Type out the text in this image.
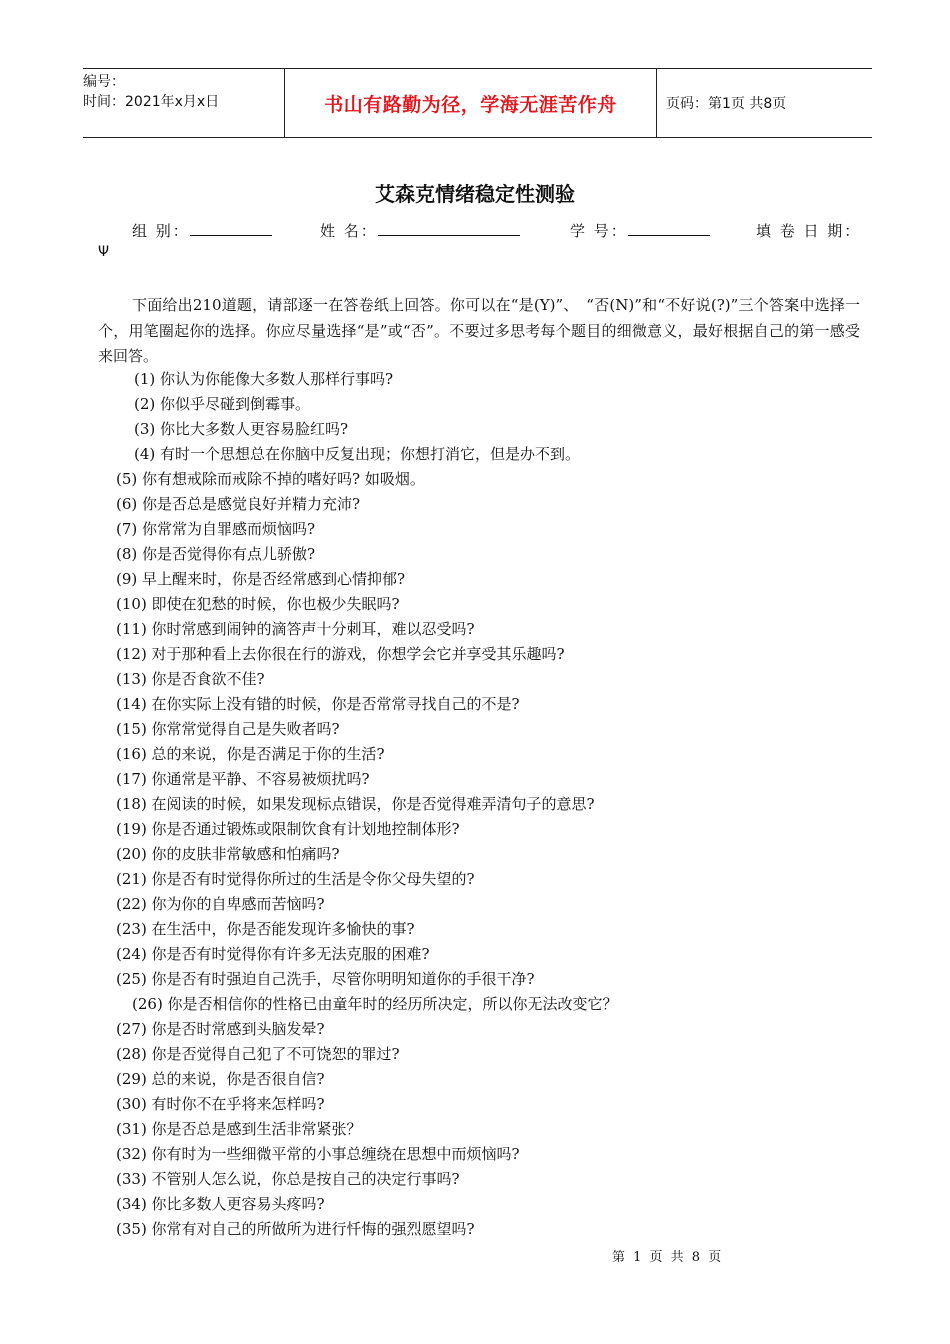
编号：
时间：2021年x月x日	书山有路勤为径，学海无涯苦作舟	页码：第1页 共8页
艾森克情绪稳定性测验
组 别：	姓 名：	学 号：	填 卷 日 期：
Ψ
下面给出210道题，请部逐一在答卷纸上回答。你可以在“是(Y)”、　“否(N)”和“不好说(?)”三个答案中选择一个，用笔圈起你的选择。你应尽量选择“是”或“否”。不要过多思考每个题目的细微意义，最好根据自己的第一感受来回答。
(1) 你认为你能像大多数人那样行事吗?
(2) 你似乎尽碰到倒霉事。
(3) 你比大多数人更容易脸红吗?
(4) 有时一个思想总在你脑中反复出现；你想打消它，但是办不到。
(5) 你有想戒除而戒除不掉的嗜好吗? 如吸烟。
(6) 你是否总是感觉良好并精力充沛?
(7) 你常常为自罪感而烦恼吗?
(8) 你是否觉得你有点儿骄傲?
(9) 早上醒来时，你是否经常感到心情抑郁?
(10) 即使在犯愁的时候，你也极少失眠吗?
(11) 你时常感到闹钟的滴答声十分刺耳，难以忍受吗?
(12) 对于那种看上去你很在行的游戏，你想学会它并享受其乐趣吗?
(13) 你是否食欲不佳?
(14) 在你实际上没有错的时候，你是否常常寻找自己的不是?
(15) 你常常觉得自己是失败者吗?
(16) 总的来说，你是否满足于你的生活?
(17) 你通常是平静、不容易被烦扰吗?
(18) 在阅读的时候，如果发现标点错误，你是否觉得难弄清句子的意思?
(19) 你是否通过锻炼或限制饮食有计划地控制体形?
(20) 你的皮肤非常敏感和怕痛吗?
(21) 你是否有时觉得你所过的生活是令你父母失望的?
(22) 你为你的自卑感而苦恼吗?
(23) 在生活中，你是否能发现许多愉快的事?
(24) 你是否有时觉得你有许多无法克服的困难?
(25) 你是否有时强迫自己洗手，尽管你明明知道你的手很干净?
(26) 你是否相信你的性格已由童年时的经历所决定，所以你无法改变它？
(27) 你是否时常感到头脑发晕?
(28) 你是否觉得自己犯了不可饶恕的罪过?
(29) 总的来说，你是否很自信?
(30) 有时你不在乎将来怎样吗?
(31) 你是否总是感到生活非常紧张？
(32) 你有时为一些细微平常的小事总缠绕在思想中而烦恼吗?
(33) 不管别人怎么说，你总是按自己的决定行事吗?
(34) 你比多数人更容易头疼吗?
(35) 你常有对自己的所做所为进行忏悔的强烈愿望吗?
第 1 页 共 8 页
